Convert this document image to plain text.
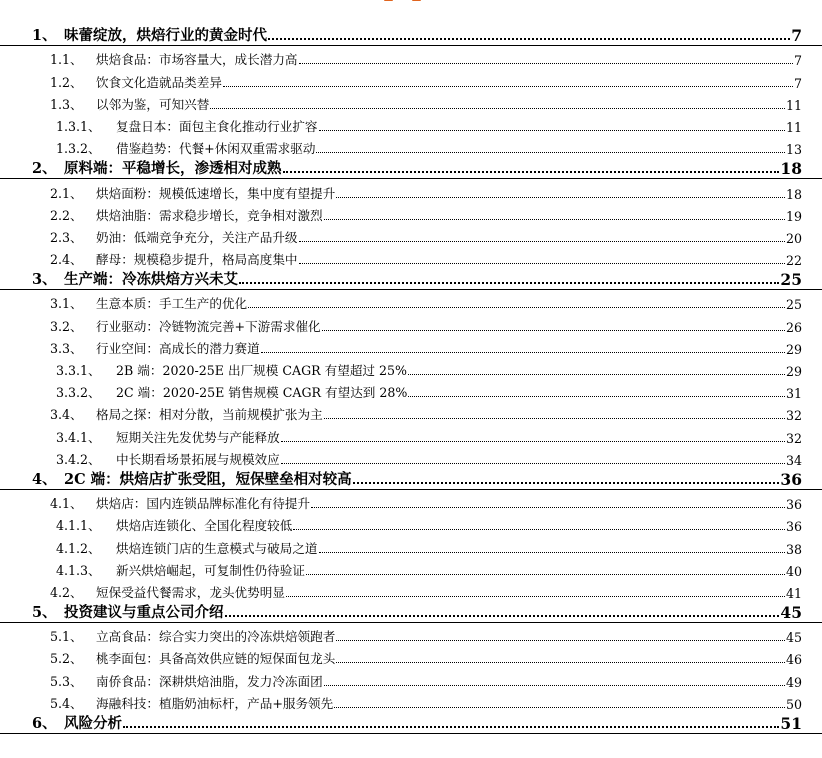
1、 味蕾绽放，烘焙行业的黄金时代	7
1.1、	烘焙食品：市场容量大，成长潜力高	7
1.2、	饮食文化造就品类差异	7
1.3、	以邻为鉴，可知兴替	11
1.3.1、	复盘日本：面包主食化推动行业扩容	11
1.3.2、	借鉴趋势：代餐+休闲双重需求驱动	13
2、 原料端：平稳增长，渗透相对成熟	18
2.1、	烘焙面粉：规模低速增长，集中度有望提升	18
2.2、	烘焙油脂：需求稳步增长，竞争相对激烈	19
2.3、	奶油：低端竞争充分，关注产品升级	20
2.4、	酵母：规模稳步提升，格局高度集中	22
3、 生产端：冷冻烘焙方兴未艾	25
3.1、	生意本质：手工生产的优化	25
3.2、	行业驱动：冷链物流完善+下游需求催化	26
3.3、	行业空间：高成长的潜力赛道	29
3.3.1、	2B 端：2020-25E 出厂规模 CAGR 有望超过 25%	29
3.3.2、	2C 端：2020-25E 销售规模 CAGR 有望达到 28%	31
3.4、	格局之探：相对分散，当前规模扩张为主	32
3.4.1、	短期关注先发优势与产能释放	32
3.4.2、	中长期看场景拓展与规模效应	34
4、 2C 端：烘焙店扩张受阻，短保壁垒相对较高	36
4.1、	烘焙店：国内连锁品牌标准化有待提升	36
4.1.1、	烘焙店连锁化、全国化程度较低	36
4.1.2、	烘焙连锁门店的生意模式与破局之道	38
4.1.3、	新兴烘焙崛起，可复制性仍待验证	40
4.2、	短保受益代餐需求，龙头优势明显	41
5、 投资建议与重点公司介绍	45
5.1、	立高食品：综合实力突出的冷冻烘焙领跑者	45
5.2、	桃李面包：具备高效供应链的短保面包龙头	46
5.3、	南侨食品：深耕烘焙油脂，发力冷冻面团	49
5.4、	海融科技：植脂奶油标杆，产品+服务领先	50
6、 风险分析	51
